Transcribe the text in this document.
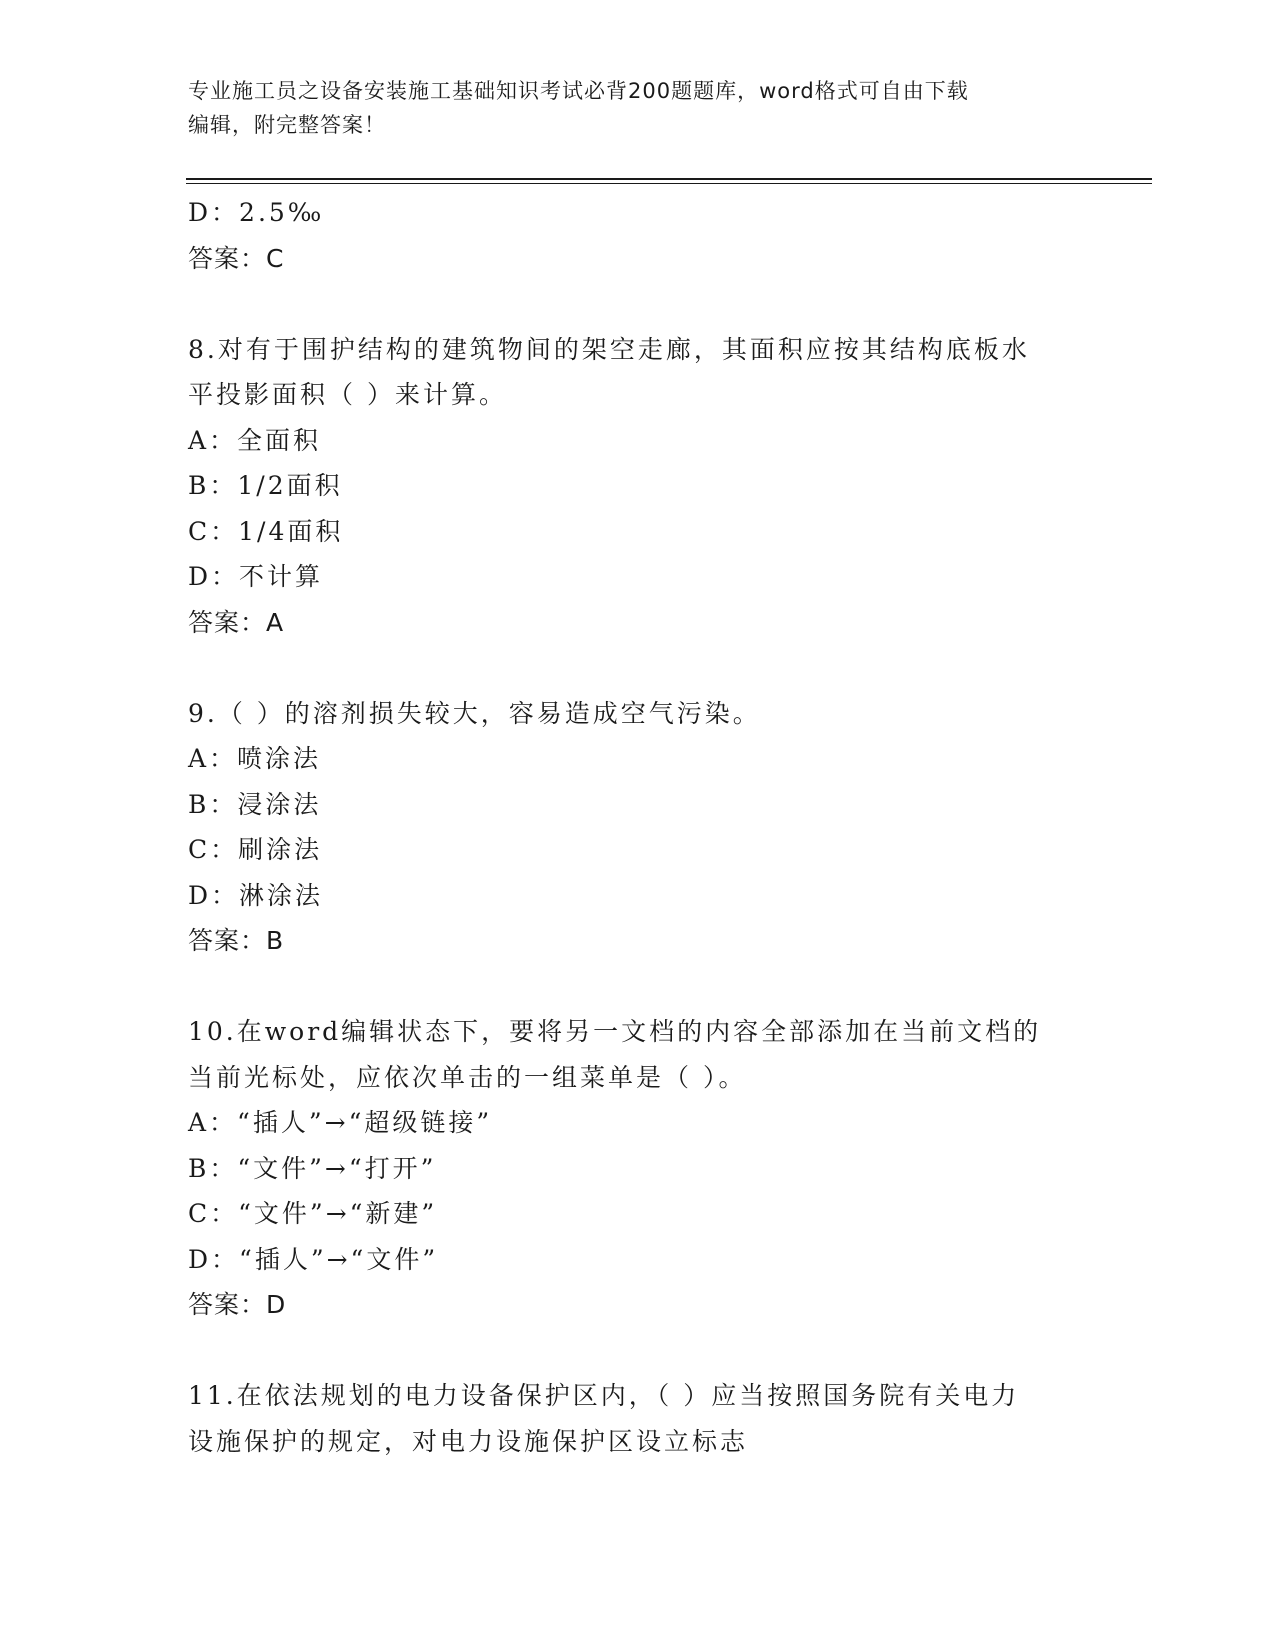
专业施工员之设备安装施工基础知识考试必背200题题库，word格式可自由下载
编辑，附完整答案！
D：2.5‰
答案：C
8.对有于围护结构的建筑物间的架空走廊，其面积应按其结构底板水
平投影面积（ ）来计算。
A：全面积
B：1/2面积
C：1/4面积
D：不计算
答案：A
9.（ ）的溶剂损失较大，容易造成空气污染。
A：喷涂法
B：浸涂法
C：刷涂法
D：淋涂法
答案：B
10.在word编辑状态下，要将另一文档的内容全部添加在当前文档的
当前光标处，应依次单击的一组菜单是（ ）。
A：“插人”→“超级链接”
B：“文件”→“打开”
C：“文件”→“新建”
D：“插人”→“文件”
答案：D
11.在依法规划的电力设备保护区内，（ ）应当按照国务院有关电力
设施保护的规定，对电力设施保护区设立标志
